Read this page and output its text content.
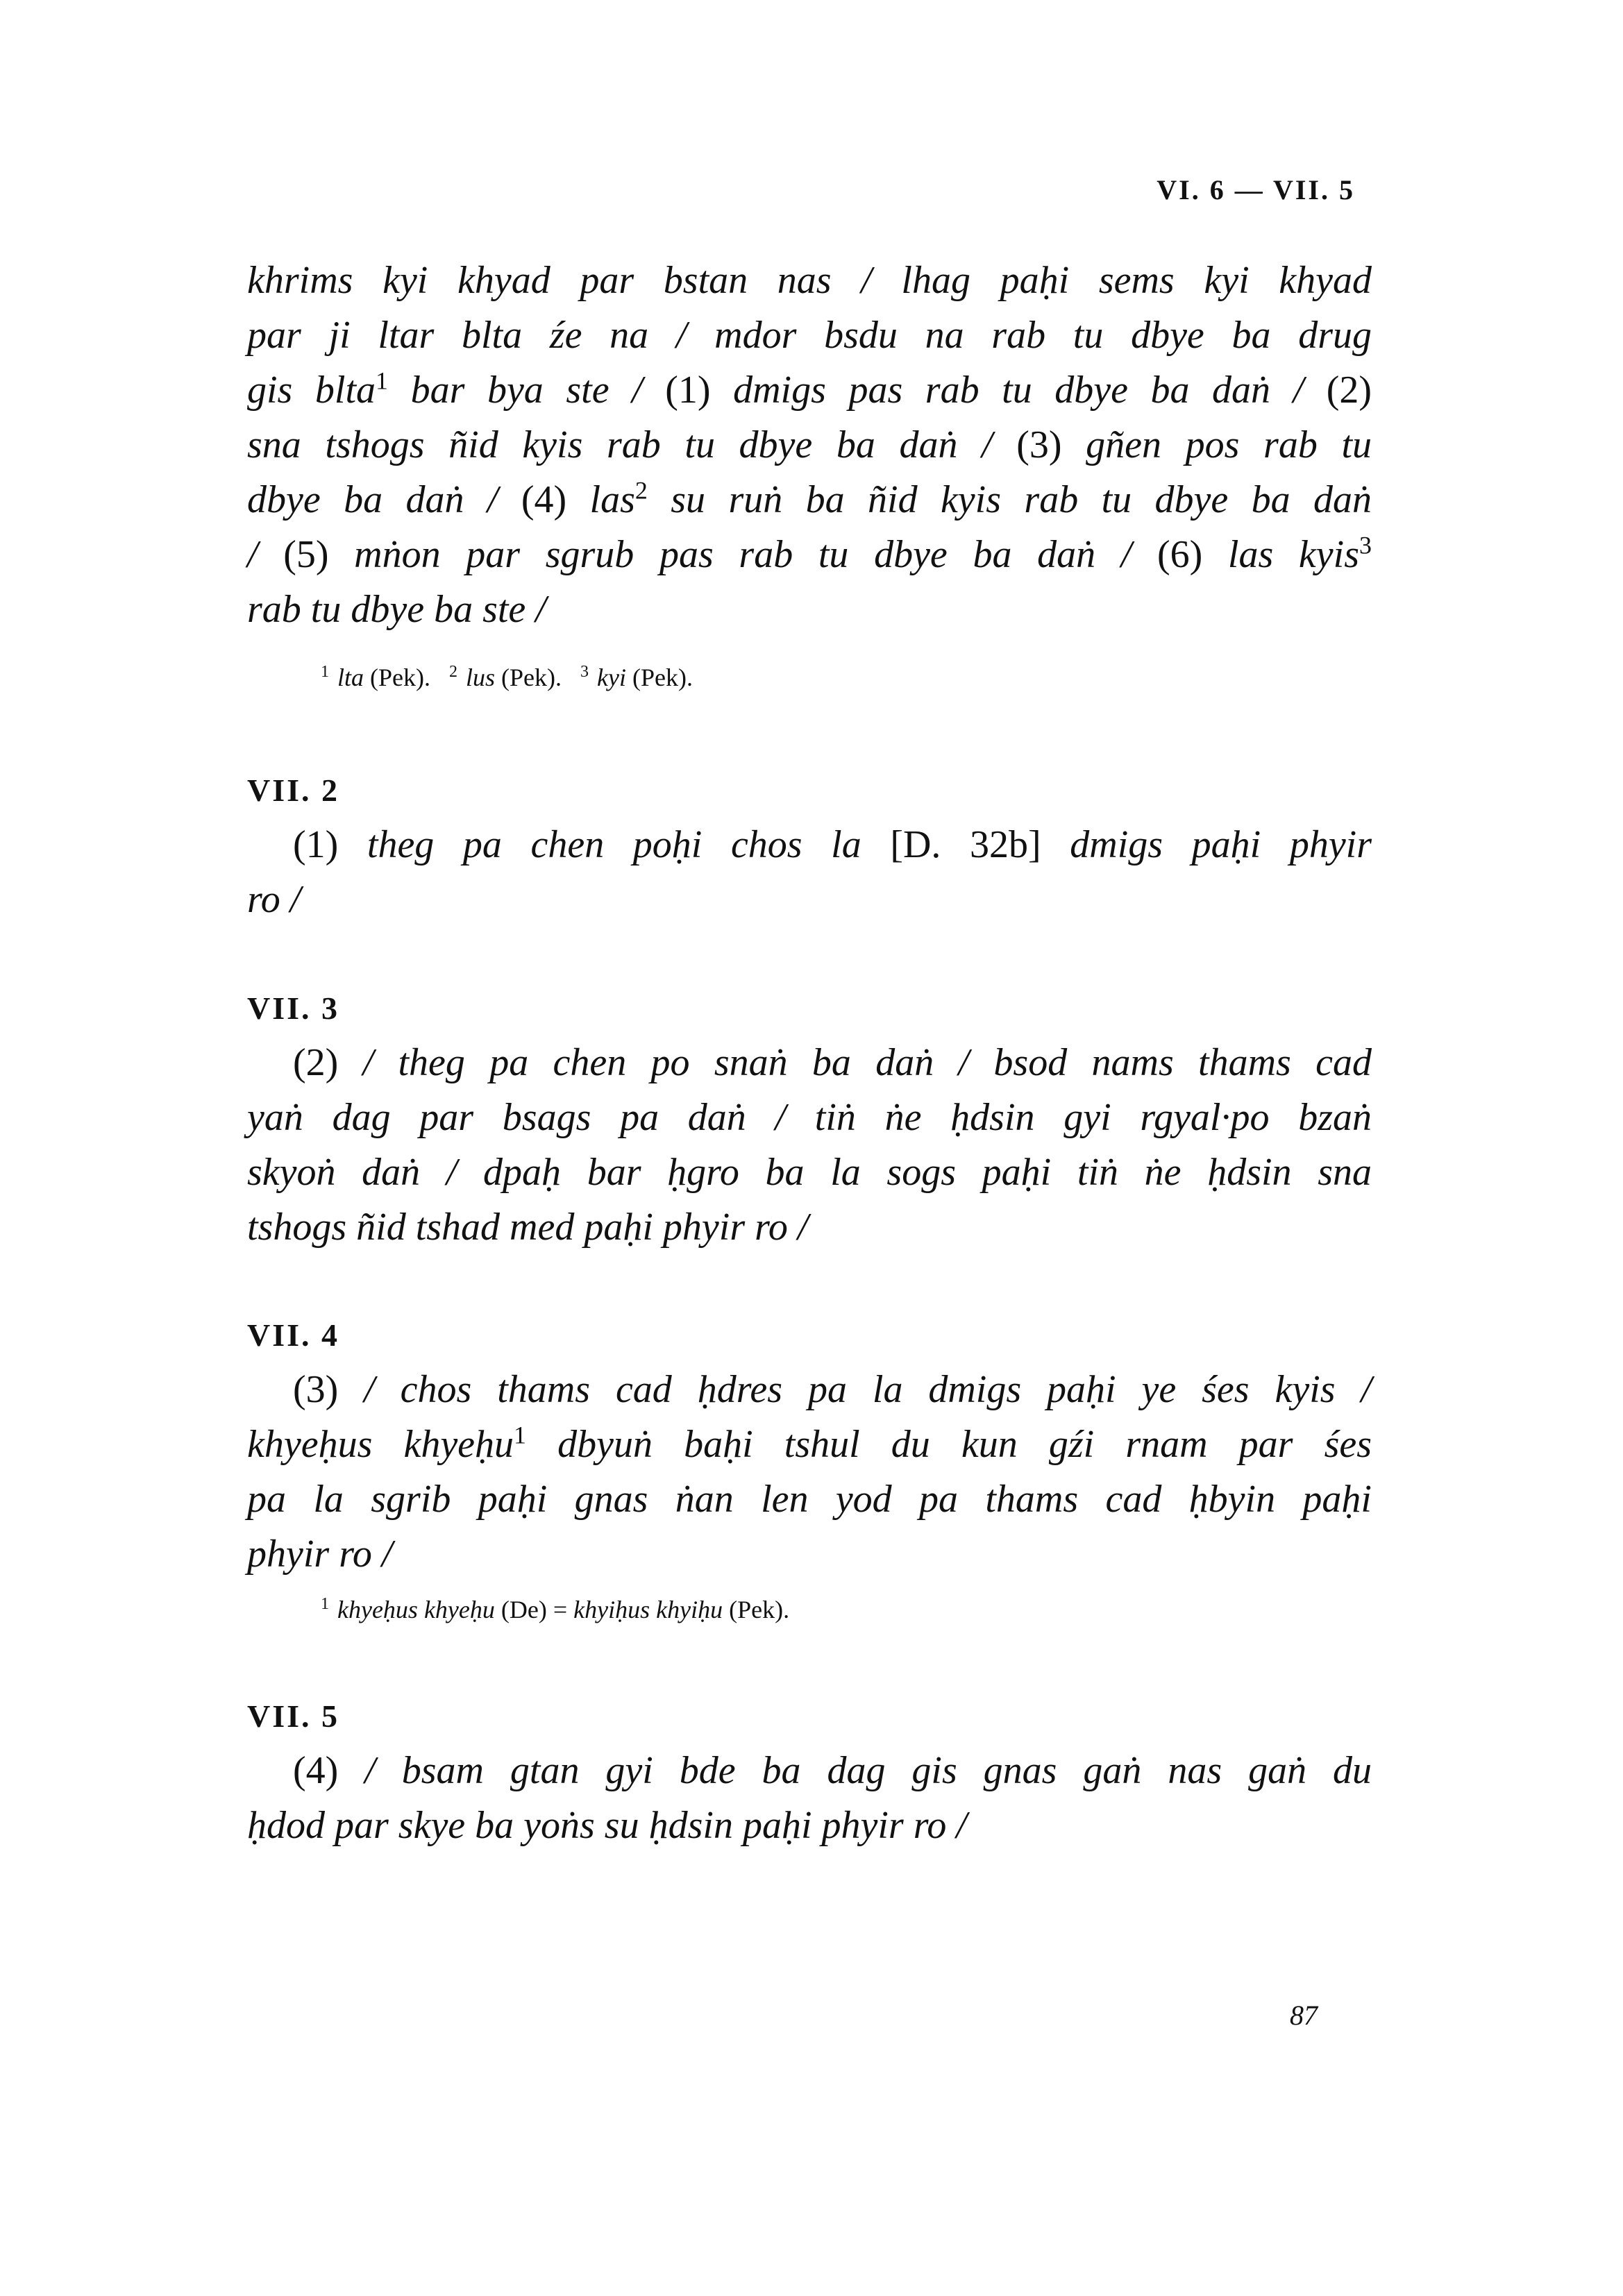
VI. 6 — VII. 5
khrims kyi khyad par bstan nas / lhag paḥi sems kyi khyad
par ji ltar blta źe na / mdor bsdu na rab tu dbye ba drug
gis blta$^1$ bar bya ste / (1) dmigs pas rab tu dbye ba daṅ / (2)
sna tshogs ñid kyis rab tu dbye ba daṅ / (3) gñen pos rab tu
dbye ba daṅ / (4) las$^2$ su ruṅ ba ñid kyis rab tu dbye ba daṅ
/ (5) mṅon par sgrub pas rab tu dbye ba daṅ / (6) las kyis$^3$
rab tu dbye ba ste /
$^1$ lta (Pek). $^2$ lus (Pek). $^3$ kyi (Pek).
VII. 2
(1) theg pa chen poḥi chos la [D. 32b] dmigs paḥi phyir
ro /
VII. 3
(2) / theg pa chen po snaṅ ba daṅ / bsod nams thams cad
yaṅ dag par bsags pa daṅ / tiṅ ṅe ḥdsin gyi rgyal·po bzaṅ
skyoṅ daṅ / dpaḥ bar ḥgro ba la sogs paḥi tiṅ ṅe ḥdsin sna
tshogs ñid tshad med paḥi phyir ro /
VII. 4
(3) / chos thams cad ḥdres pa la dmigs paḥi ye śes kyis /
khyeḥus khyeḥu$^1$ dbyuṅ baḥi tshul du kun gźi rnam par śes
pa la sgrib paḥi gnas ṅan len yod pa thams cad ḥbyin paḥi
phyir ro /
$^1$ khyeḥus khyeḥu (De) = khyiḥus khyiḥu (Pek).
VII. 5
(4) / bsam gtan gyi bde ba dag gis gnas gaṅ nas gaṅ du
ḥdod par skye ba yoṅs su ḥdsin paḥi phyir ro /
87
